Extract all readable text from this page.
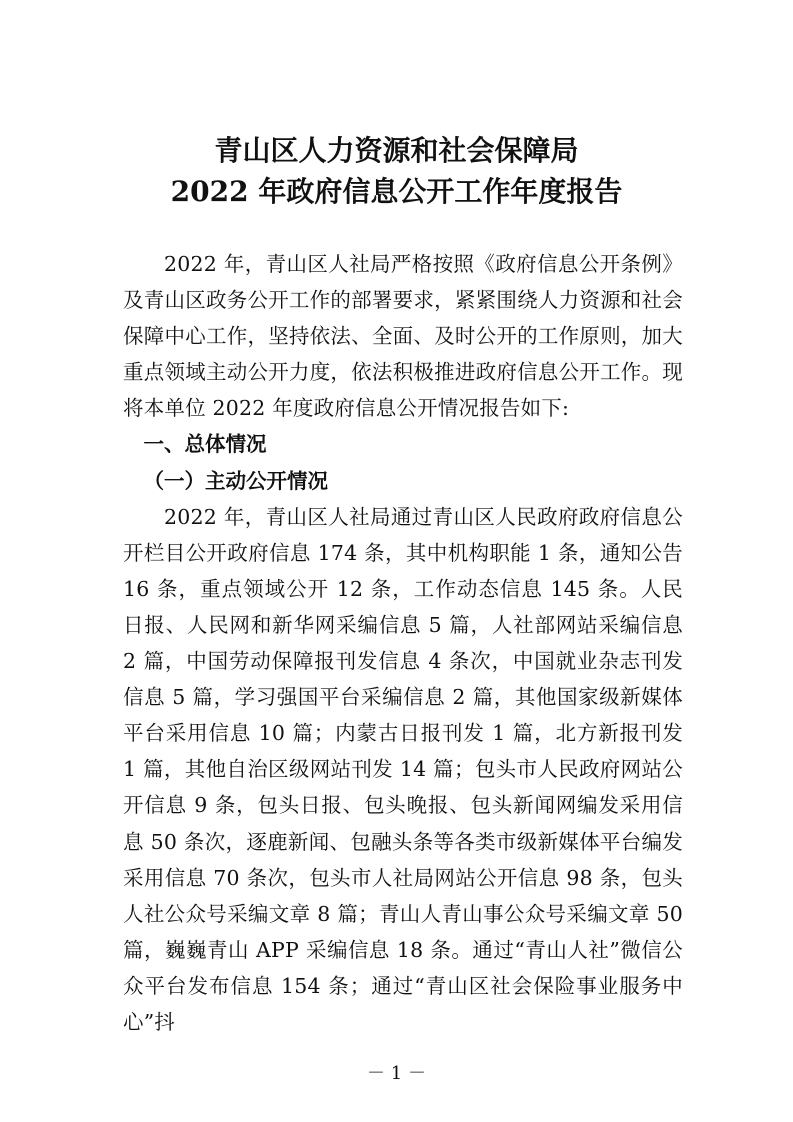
青山区人力资源和社会保障局
2022 年政府信息公开工作年度报告

2022 年，青山区人社局严格按照《政府信息公开条例》及青山区政务公开工作的部署要求，紧紧围绕人力资源和社会保障中心工作，坚持依法、全面、及时公开的工作原则，加大重点领域主动公开力度，依法积极推进政府信息公开工作。现将本单位 2022 年度政府信息公开情况报告如下:

一、总体情况

（一）主动公开情况

2022 年，青山区人社局通过青山区人民政府政府信息公开栏目公开政府信息 174 条，其中机构职能 1 条，通知公告 16 条，重点领域公开 12 条，工作动态信息 145 条。人民日报、人民网和新华网采编信息 5 篇，人社部网站采编信息 2 篇，中国劳动保障报刊发信息 4 条次，中国就业杂志刊发信息 5 篇，学习强国平台采编信息 2 篇，其他国家级新媒体平台采用信息 10 篇；内蒙古日报刊发 1 篇，北方新报刊发 1 篇，其他自治区级网站刊发 14 篇；包头市人民政府网站公开信息 9 条，包头日报、包头晚报、包头新闻网编发采用信息 50 条次，逐鹿新闻、包融头条等各类市级新媒体平台编发采用信息 70 条次，包头市人社局网站公开信息 98 条，包头人社公众号采编文章 8 篇；青山人青山事公众号采编文章 50 篇，巍巍青山 APP 采编信息 18 条。通过“青山人社”微信公众平台发布信息 154 条；通过“青山区社会保险事业服务中心”抖

－ 1 －
